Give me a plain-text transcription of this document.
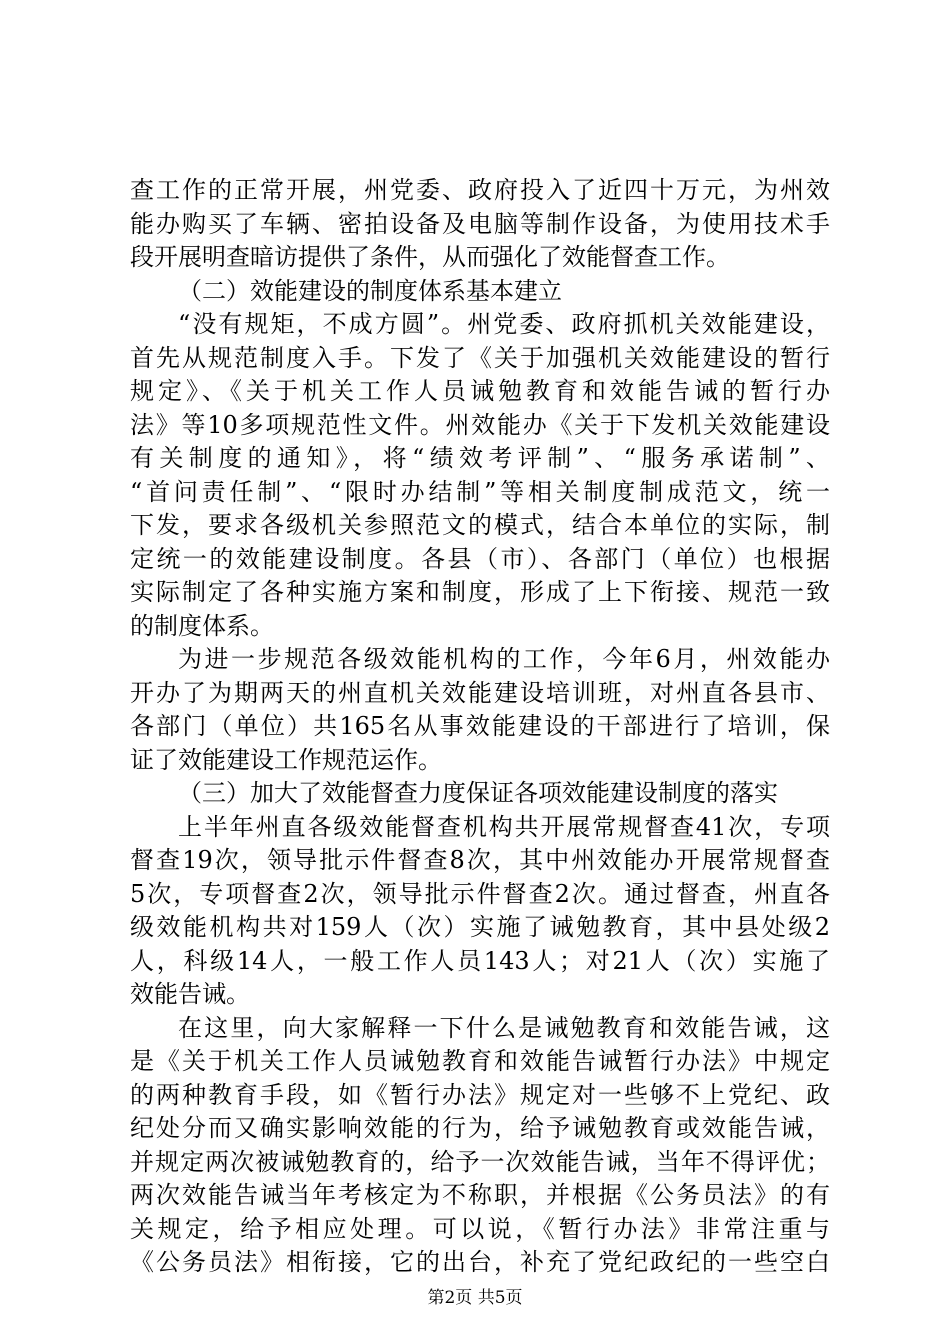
查工作的正常开展，州党委、政府投入了近四十万元，为州效
能办购买了车辆、密拍设备及电脑等制作设备，为使用技术手
段开展明查暗访提供了条件，从而强化了效能督查工作。
（二）效能建设的制度体系基本建立
“没有规矩，不成方圆”。州党委、政府抓机关效能建设，
首先从规范制度入手。下发了《关于加强机关效能建设的暂行
规定》、《关于机关工作人员诫勉教育和效能告诫的暂行办
法》等10多项规范性文件。州效能办《关于下发机关效能建设
有关制度的通知》，将“绩效考评制”、“服务承诺制”、
“首问责任制”、“限时办结制”等相关制度制成范文，统一
下发，要求各级机关参照范文的模式，结合本单位的实际，制
定统一的效能建设制度。各县（市）、各部门（单位）也根据
实际制定了各种实施方案和制度，形成了上下衔接、规范一致
的制度体系。
为进一步规范各级效能机构的工作，今年6月，州效能办
开办了为期两天的州直机关效能建设培训班，对州直各县市、
各部门（单位）共165名从事效能建设的干部进行了培训，保
证了效能建设工作规范运作。
（三）加大了效能督查力度保证各项效能建设制度的落实
上半年州直各级效能督查机构共开展常规督查41次，专项
督查19次，领导批示件督查8次，其中州效能办开展常规督查
5次，专项督查2次，领导批示件督查2次。通过督查，州直各
级效能机构共对159人（次）实施了诫勉教育，其中县处级2
人，科级14人，一般工作人员143人；对21人（次）实施了
效能告诫。
在这里，向大家解释一下什么是诫勉教育和效能告诫，这
是《关于机关工作人员诫勉教育和效能告诫暂行办法》中规定
的两种教育手段，如《暂行办法》规定对一些够不上党纪、政
纪处分而又确实影响效能的行为，给予诫勉教育或效能告诫，
并规定两次被诫勉教育的，给予一次效能告诫，当年不得评优；
两次效能告诫当年考核定为不称职，并根据《公务员法》的有
关规定，给予相应处理。可以说，《暂行办法》非常注重与
《公务员法》相衔接，它的出台，补充了党纪政纪的一些空白
第2页 共5页
